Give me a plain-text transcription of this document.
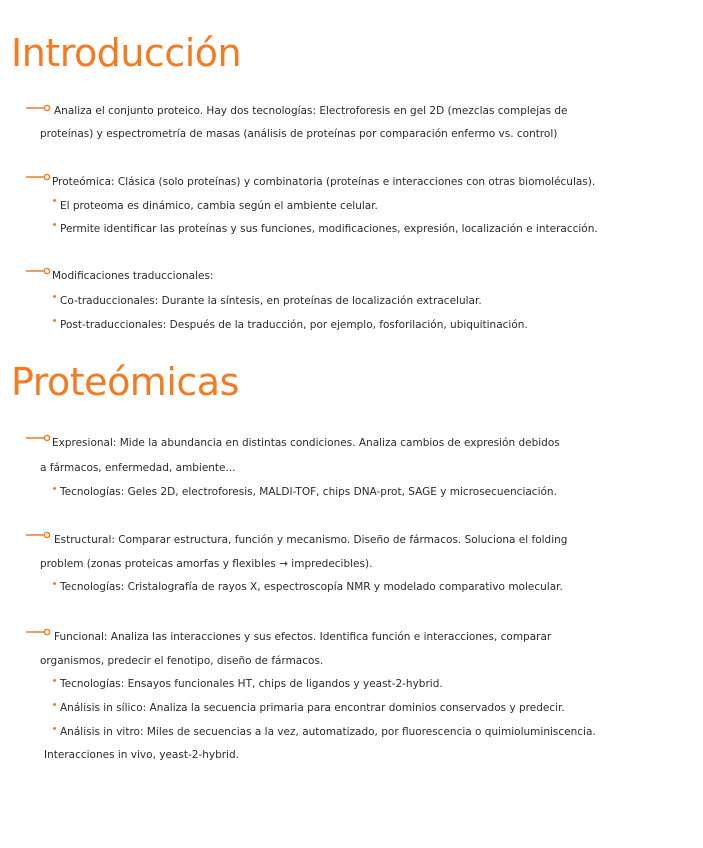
Introducción
Analiza el conjunto proteico. Hay dos tecnologías: Electroforesis en gel 2D (mezclas complejas de
proteínas) y espectrometría de masas (análisis de proteínas por comparación enfermo vs. control)
Proteómica: Clásica (solo proteínas) y combinatoria (proteínas e interacciones con otras biomoléculas).
El proteoma es dinámico, cambia según el ambiente celular.
Permite identificar las proteínas y sus funciones, modificaciones, expresión, localización e interacción.
Modificaciones traduccionales:
Co-traduccionales: Durante la síntesis, en proteínas de localización extracelular.
Post-traduccionales: Después de la traducción, por ejemplo, fosforilación, ubiquitinación.
Proteómicas
Expresional: Mide la abundancia en distintas condiciones. Analiza cambios de expresión debidos
a fármacos, enfermedad, ambiente...
Tecnologías: Geles 2D, electroforesis, MALDI-TOF, chips DNA-prot, SAGE y microsecuenciación.
Estructural: Comparar estructura, función y mecanismo. Diseño de fármacos. Soluciona el folding
problem (zonas proteicas amorfas y flexibles → impredecibles).
Tecnologías: Cristalografía de rayos X, espectroscopía NMR y modelado comparativo molecular.
Funcional: Analiza las interacciones y sus efectos. Identifica función e interacciones, comparar
organismos, predecir el fenotipo, diseño de fármacos.
Tecnologías: Ensayos funcionales HT, chips de ligandos y yeast-2-hybrid.
Análisis in sílico: Analiza la secuencia primaria para encontrar dominios conservados y predecir.
Análisis in vitro: Miles de secuencias a la vez, automatizado, por fluorescencia o quimioluminiscencia.
Interacciones in vivo, yeast-2-hybrid.
